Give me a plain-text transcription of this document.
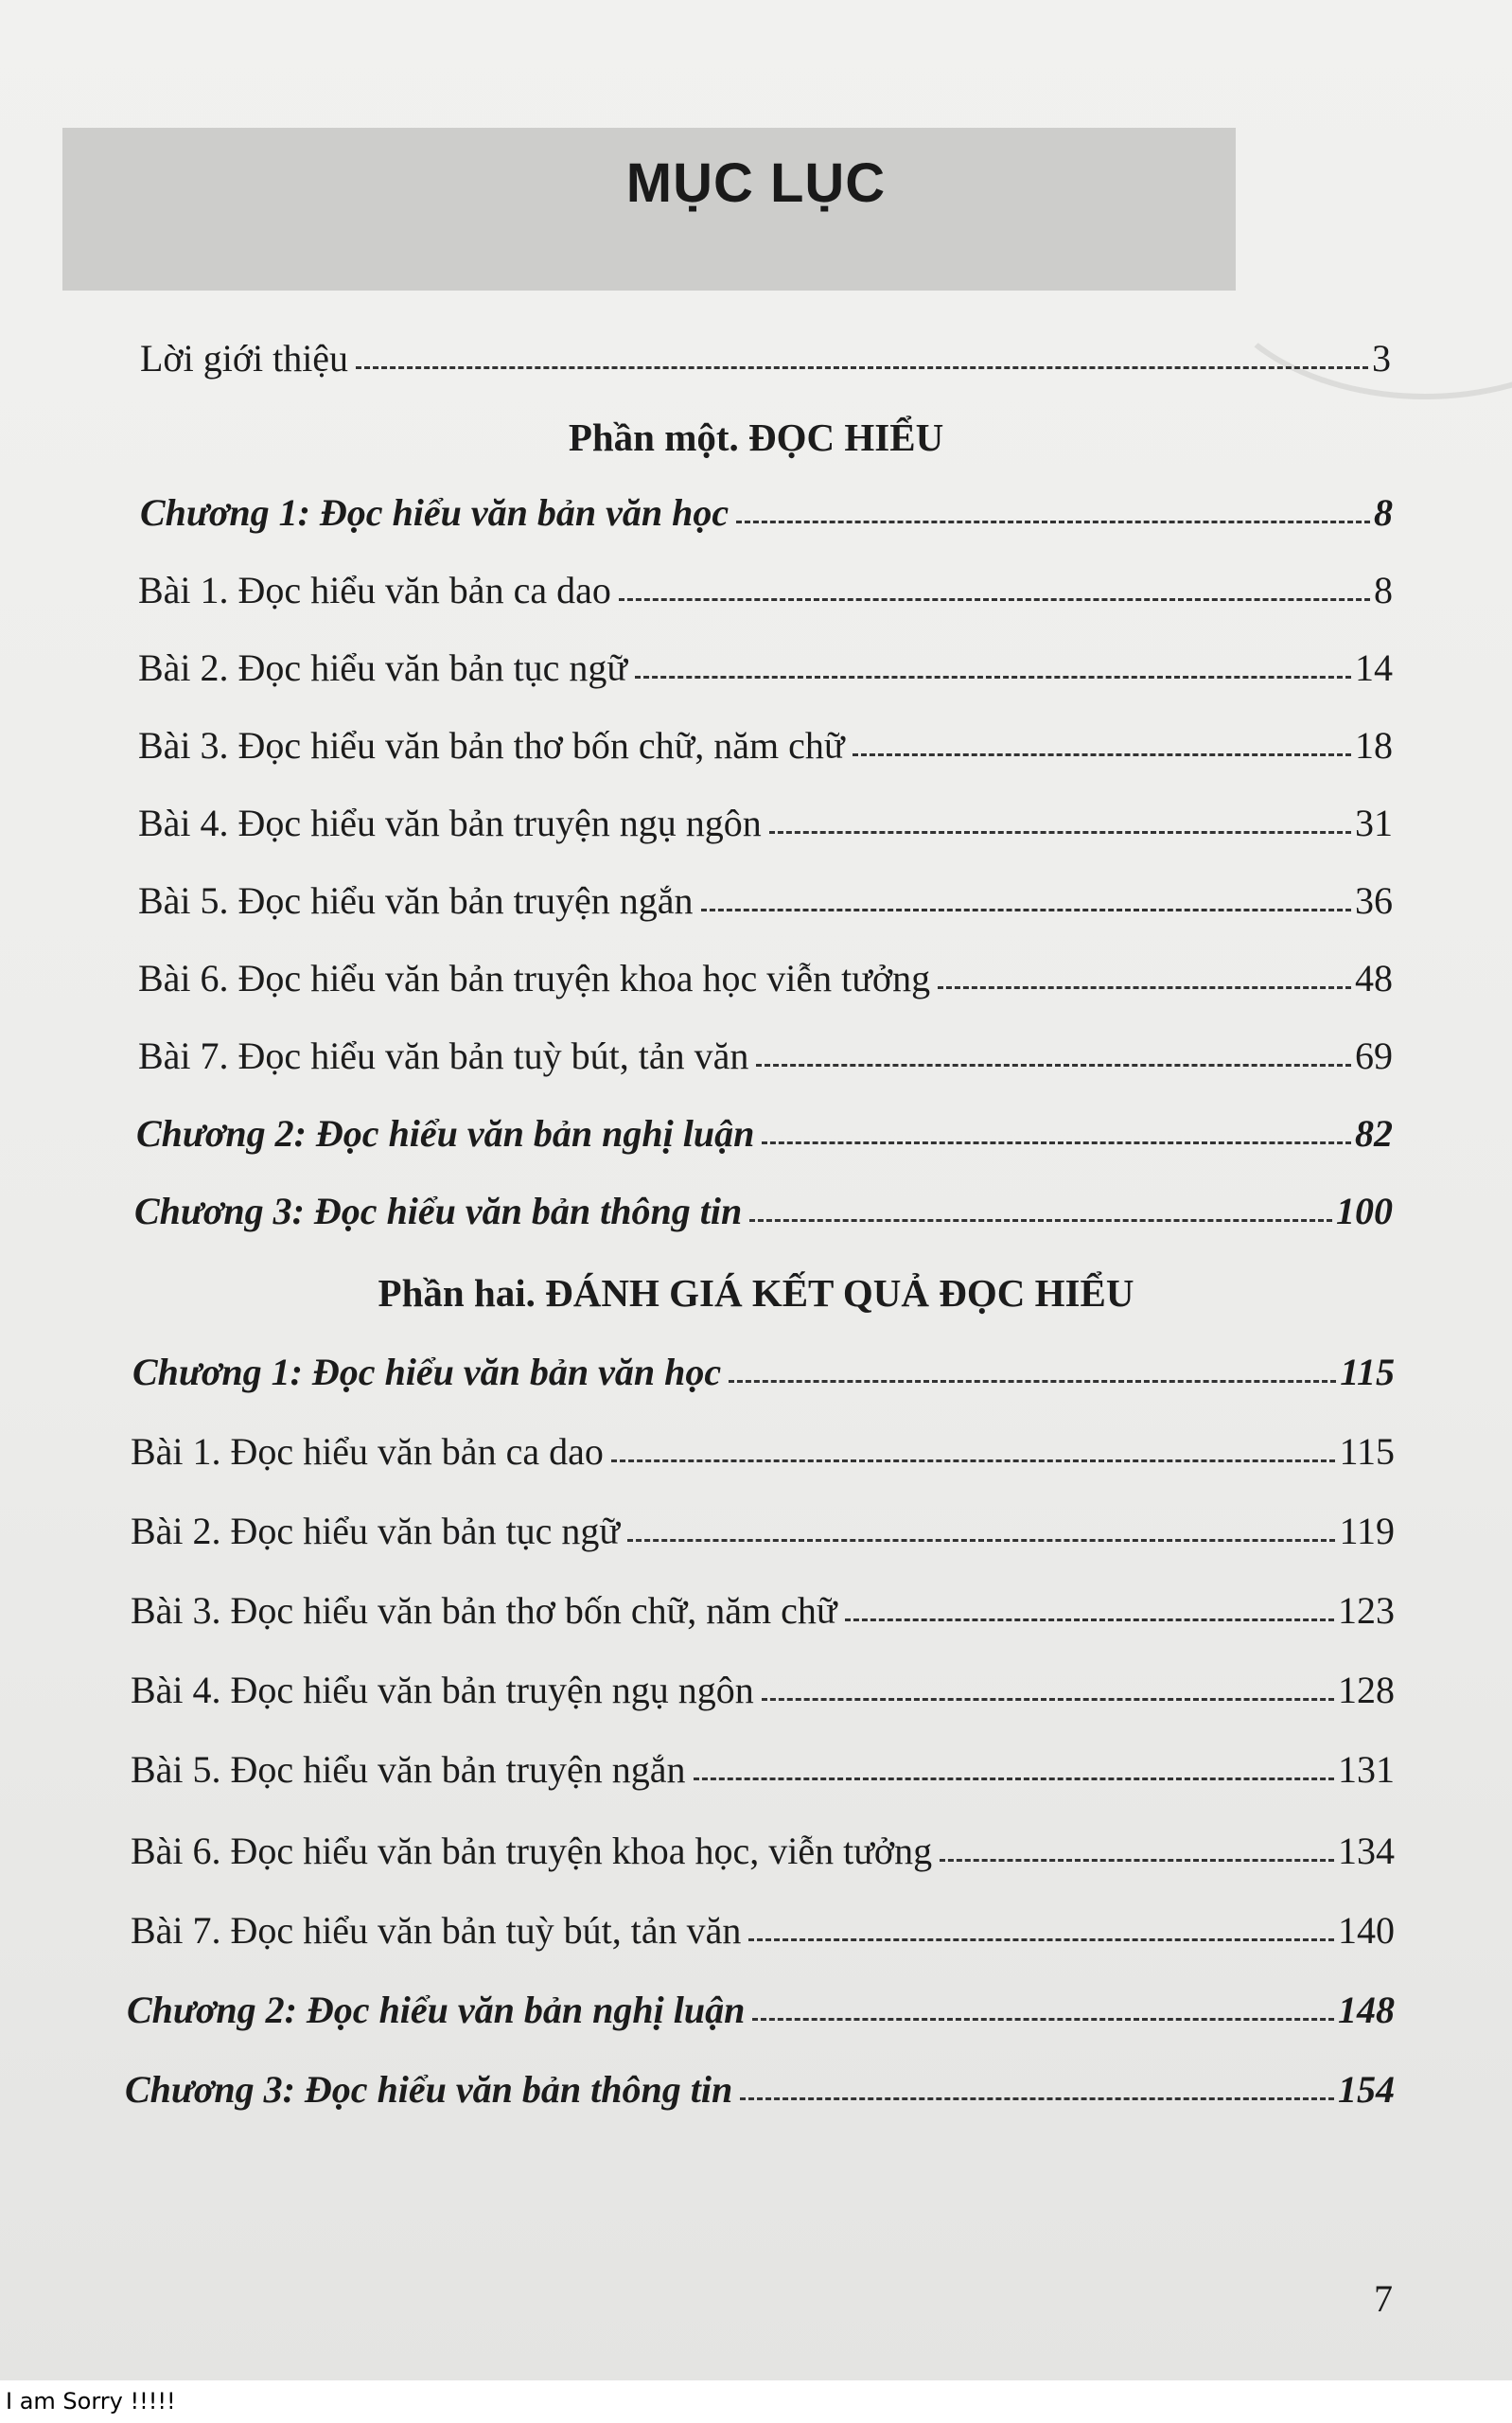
MỤC LỤC
Lời giới thiệu	3
Phần một. ĐỌC HIỂU
Chương 1: Đọc hiểu văn bản văn học	8
Bài 1. Đọc hiểu văn bản ca dao	8
Bài 2. Đọc hiểu văn bản tục ngữ	14
Bài 3. Đọc hiểu văn bản thơ bốn chữ, năm chữ	18
Bài 4. Đọc hiểu văn bản truyện ngụ ngôn	31
Bài 5. Đọc hiểu văn bản truyện ngắn	36
Bài 6. Đọc hiểu văn bản truyện khoa học viễn tưởng	48
Bài 7. Đọc hiểu văn bản tuỳ bút, tản văn	69
Chương 2: Đọc hiểu văn bản nghị luận	82
Chương 3: Đọc hiểu văn bản thông tin	100
Phần hai. ĐÁNH GIÁ KẾT QUẢ ĐỌC HIỂU
Chương 1: Đọc hiểu văn bản văn học	115
Bài 1. Đọc hiểu văn bản ca dao	115
Bài 2. Đọc hiểu văn bản tục ngữ	119
Bài 3. Đọc hiểu văn bản thơ bốn chữ, năm chữ	123
Bài 4. Đọc hiểu văn bản truyện ngụ ngôn	128
Bài 5. Đọc hiểu văn bản truyện ngắn	131
Bài 6. Đọc hiểu văn bản truyện khoa học, viễn tưởng	134
Bài 7. Đọc hiểu văn bản tuỳ bút, tản văn	140
Chương 2: Đọc hiểu văn bản nghị luận	148
Chương 3: Đọc hiểu văn bản thông tin	154
7
I am Sorry !!!!!
